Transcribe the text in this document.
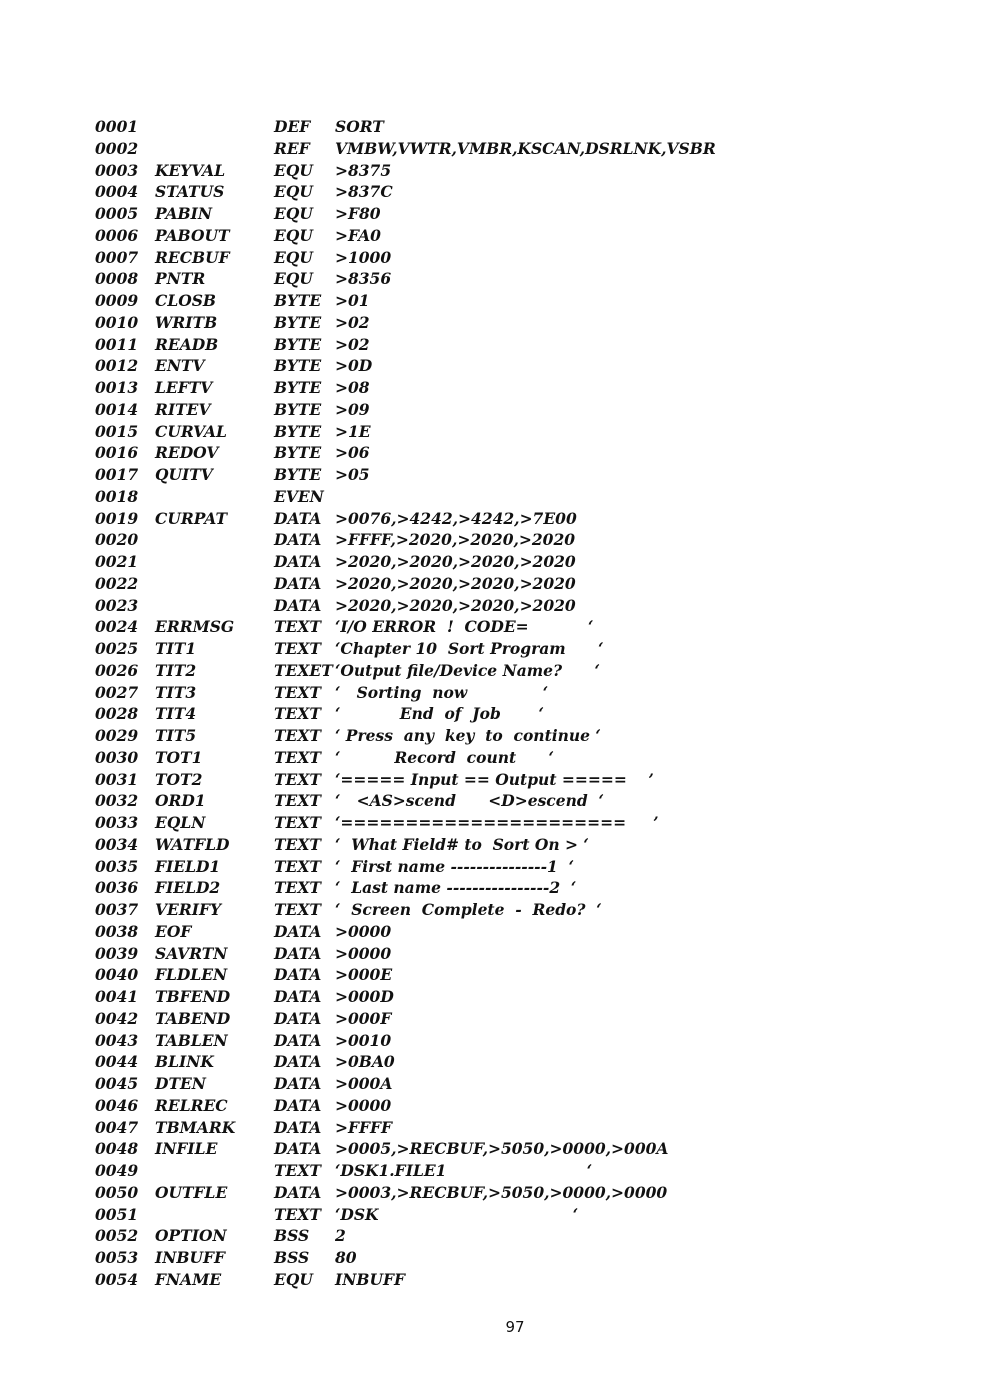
0001	DEF SORT
0002	REF VMBW,VWTR,VMBR,KSCAN,DSRLNK,VSBR
0003 KEYVAL	EQU >8375
0004 STATUS	EQU >837C
0005 PABIN	EQU >F80
0006 PABOUT	EQU >FA0
0007 RECBUF	EQU >1000
0008 PNTR	EQU >8356
0009 CLOSB	BYTE >01
0010 WRITB	BYTE >02
0011 READB	BYTE >02
0012 ENTV	BYTE >0D
0013 LEFTV	BYTE >08
0014 RITEV	BYTE >09
0015 CURVAL	BYTE >1E
0016 REDOV	BYTE >06
0017 QUITV	BYTE >05
0018	EVEN
0019 CURPAT	DATA >0076,>4242,>4242,>7E00
0020	DATA >FFFF,>2020,>2020,>2020
0021	DATA >2020,>2020,>2020,>2020
0022	DATA >2020,>2020,>2020,>2020
0023	DATA >2020,>2020,>2020,>2020
0024 ERRMSG	TEXT ‘I/O ERROR  !  CODE=           ‘
0025 TIT1	TEXT ‘Chapter 10  Sort Program      ‘
0026 TIT2	TEXET ‘Output file/Device Name?      ‘
0027 TIT3	TEXT ‘   Sorting  now              ‘
0028 TIT4	TEXT ‘           End  of  Job       ‘
0029 TIT5	TEXT ‘ Press  any  key  to  continue ‘
0030 TOT1	TEXT ‘          Record  count      ‘
0031 TOT2	TEXT ‘===== Input == Output =====    ’
0032 ORD1	TEXT ‘   <AS>scend      <D>escend  ‘
0033 EQLN	TEXT ‘======================     ’
0034 WATFLD	TEXT ‘  What Field# to  Sort On > ‘
0035 FIELD1	TEXT ‘  First name ---------------1  ‘
0036 FIELD2	TEXT ‘  Last name ----------------2  ‘
0037 VERIFY	TEXT ‘  Screen  Complete  -  Redo?  ‘
0038 EOF	DATA >0000
0039 SAVRTN	DATA >0000
0040 FLDLEN	DATA >000E
0041 TBFEND	DATA >000D
0042 TABEND	DATA >000F
0043 TABLEN	DATA >0010
0044 BLINK	DATA >0BA0
0045 DTEN	DATA >000A
0046 RELREC	DATA >0000
0047 TBMARK	DATA >FFFF
0048 INFILE	DATA >0005,>RECBUF,>5050,>0000,>000A
0049	TEXT ‘DSK1.FILE1                          ‘
0050 OUTFLE	DATA >0003,>RECBUF,>5050,>0000,>0000
0051	TEXT ‘DSK                                    ‘
0052 OPTION	BSS 2
0053 INBUFF	BSS 80
0054 FNAME	EQU INBUFF
97
